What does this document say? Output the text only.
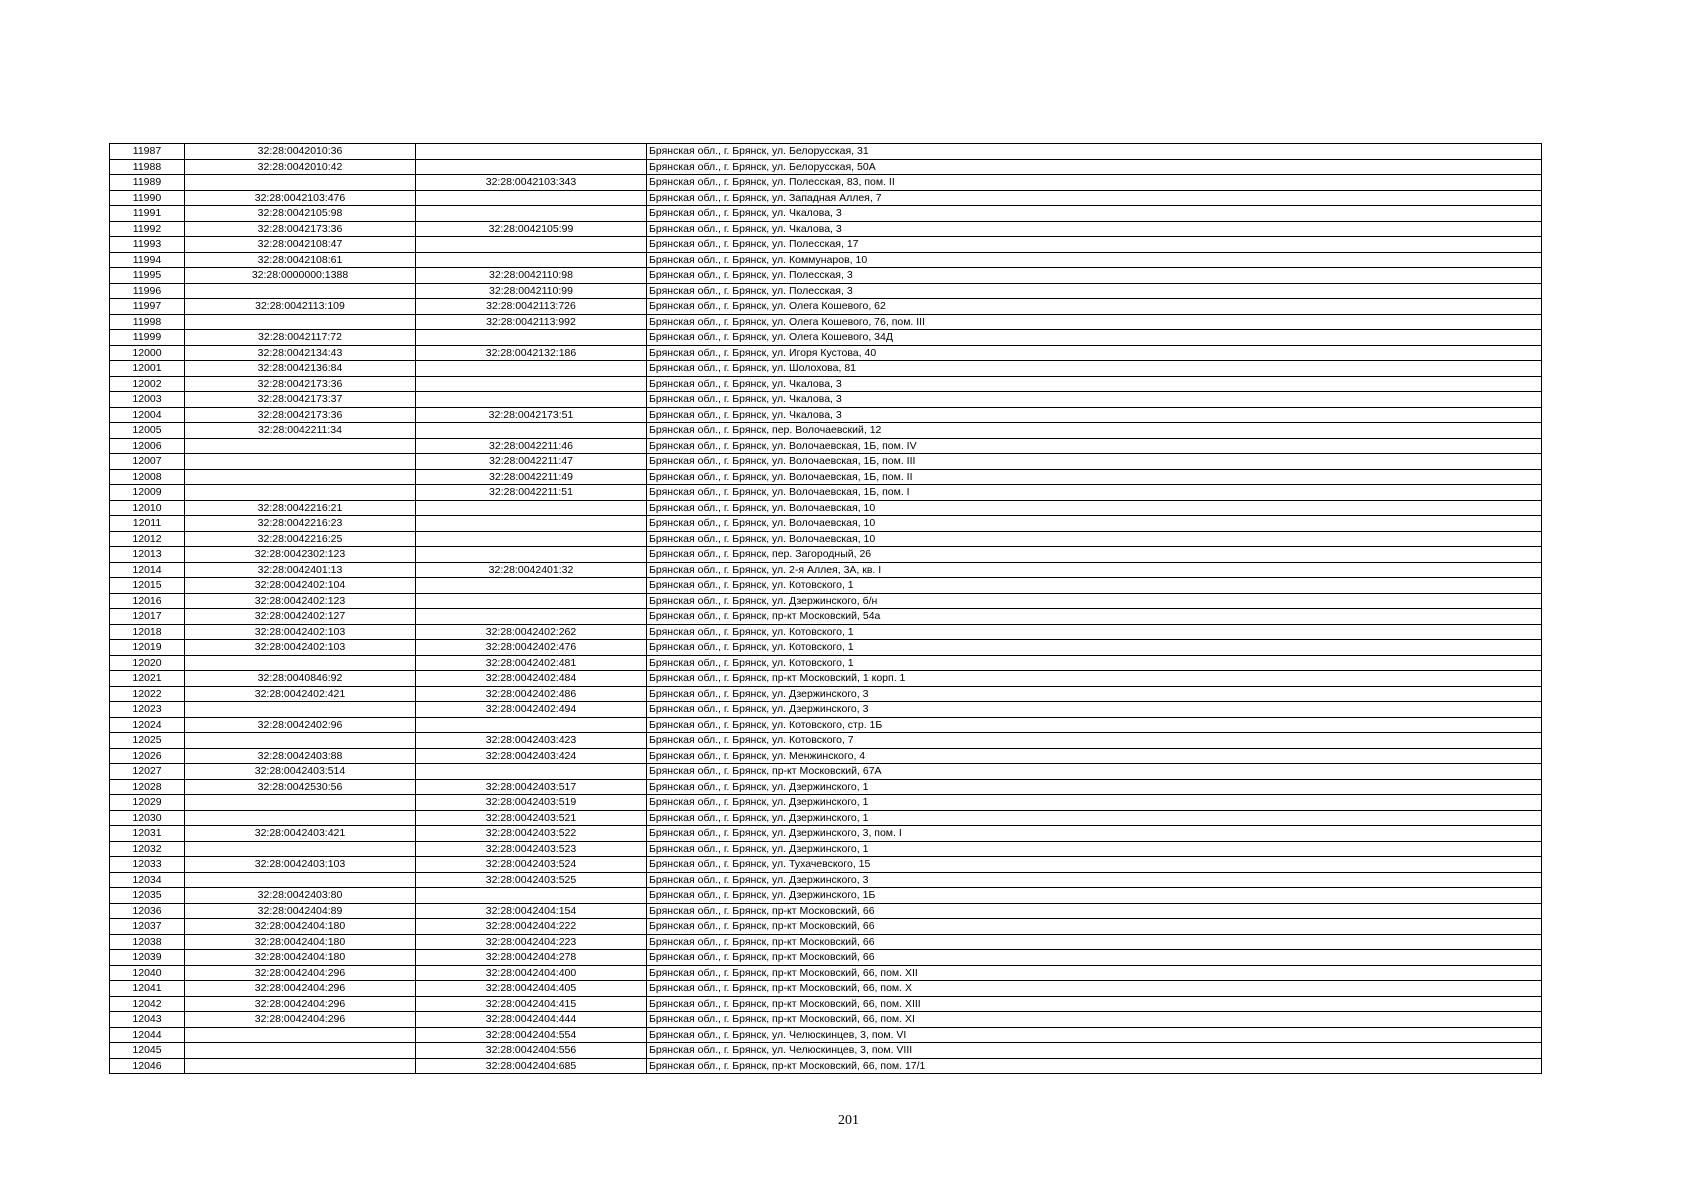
11987	32:28:0042010:36		Брянская обл., г. Брянск, ул. Белорусская, 31
11988	32:28:0042010:42		Брянская обл., г. Брянск, ул. Белорусская, 50А
11989		32:28:0042103:343	Брянская обл., г. Брянск, ул. Полесская, 83, пом. II
11990	32:28:0042103:476		Брянская обл., г. Брянск, ул. Западная Аллея, 7
11991	32:28:0042105:98		Брянская обл., г. Брянск, ул. Чкалова, 3
11992	32:28:0042173:36	32:28:0042105:99	Брянская обл., г. Брянск, ул. Чкалова, 3
11993	32:28:0042108:47		Брянская обл., г. Брянск, ул. Полесская, 17
11994	32:28:0042108:61		Брянская обл., г. Брянск, ул. Коммунаров, 10
11995	32:28:0000000:1388	32:28:0042110:98	Брянская обл., г. Брянск, ул. Полесская, 3
11996		32:28:0042110:99	Брянская обл., г. Брянск, ул. Полесская, 3
11997	32:28:0042113:109	32:28:0042113:726	Брянская обл., г. Брянск, ул. Олега Кошевого, 62
11998		32:28:0042113:992	Брянская обл., г. Брянск, ул. Олега Кошевого, 76, пом. III
11999	32:28:0042117:72		Брянская обл., г. Брянск, ул. Олега Кошевого, 34Д
12000	32:28:0042134:43	32:28:0042132:186	Брянская обл., г. Брянск, ул. Игоря Кустова, 40
12001	32:28:0042136:84		Брянская обл., г. Брянск, ул. Шолохова, 81
12002	32:28:0042173:36		Брянская обл., г. Брянск, ул. Чкалова, 3
12003	32:28:0042173:37		Брянская обл., г. Брянск, ул. Чкалова, 3
12004	32:28:0042173:36	32:28:0042173:51	Брянская обл., г. Брянск, ул. Чкалова, 3
12005	32:28:0042211:34		Брянская обл., г. Брянск, пер. Волочаевский, 12
12006		32:28:0042211:46	Брянская обл., г. Брянск, ул. Волочаевская, 1Б, пом. IV
12007		32:28:0042211:47	Брянская обл., г. Брянск, ул. Волочаевская, 1Б, пом. III
12008		32:28:0042211:49	Брянская обл., г. Брянск, ул. Волочаевская, 1Б, пом. II
12009		32:28:0042211:51	Брянская обл., г. Брянск, ул. Волочаевская, 1Б, пом. I
12010	32:28:0042216:21		Брянская обл., г. Брянск, ул. Волочаевская, 10
12011	32:28:0042216:23		Брянская обл., г. Брянск, ул. Волочаевская, 10
12012	32:28:0042216:25		Брянская обл., г. Брянск, ул. Волочаевская, 10
12013	32:28:0042302:123		Брянская обл., г. Брянск, пер. Загородный, 26
12014	32:28:0042401:13	32:28:0042401:32	Брянская обл., г. Брянск, ул. 2-я Аллея, 3А, кв. I
12015	32:28:0042402:104		Брянская обл., г. Брянск, ул. Котовского, 1
12016	32:28:0042402:123		Брянская обл., г. Брянск, ул. Дзержинского, б/н
12017	32:28:0042402:127		Брянская обл., г. Брянск, пр-кт Московский, 54а
12018	32:28:0042402:103	32:28:0042402:262	Брянская обл., г. Брянск, ул. Котовского, 1
12019	32:28:0042402:103	32:28:0042402:476	Брянская обл., г. Брянск, ул. Котовского, 1
12020		32:28:0042402:481	Брянская обл., г. Брянск, ул. Котовского, 1
12021	32:28:0040846:92	32:28:0042402:484	Брянская обл., г. Брянск, пр-кт Московский, 1 корп. 1
12022	32:28:0042402:421	32:28:0042402:486	Брянская обл., г. Брянск, ул. Дзержинского, 3
12023		32:28:0042402:494	Брянская обл., г. Брянск, ул. Дзержинского, 3
12024	32:28:0042402:96		Брянская обл., г. Брянск, ул. Котовского, стр. 1Б
12025		32:28:0042403:423	Брянская обл., г. Брянск, ул. Котовского, 7
12026	32:28:0042403:88	32:28:0042403:424	Брянская обл., г. Брянск, ул. Менжинского, 4
12027	32:28:0042403:514		Брянская обл., г. Брянск, пр-кт Московский, 67А
12028	32:28:0042530:56	32:28:0042403:517	Брянская обл., г. Брянск, ул. Дзержинского, 1
12029		32:28:0042403:519	Брянская обл., г. Брянск, ул. Дзержинского, 1
12030		32:28:0042403:521	Брянская обл., г. Брянск, ул. Дзержинского, 1
12031	32:28:0042403:421	32:28:0042403:522	Брянская обл., г. Брянск, ул. Дзержинского, 3, пом. I
12032		32:28:0042403:523	Брянская обл., г. Брянск, ул. Дзержинского, 1
12033	32:28:0042403:103	32:28:0042403:524	Брянская обл., г. Брянск, ул. Тухачевского, 15
12034		32:28:0042403:525	Брянская обл., г. Брянск, ул. Дзержинского, 3
12035	32:28:0042403:80		Брянская обл., г. Брянск, ул. Дзержинского, 1Б
12036	32:28:0042404:89	32:28:0042404:154	Брянская обл., г. Брянск, пр-кт Московский, 66
12037	32:28:0042404:180	32:28:0042404:222	Брянская обл., г. Брянск, пр-кт Московский, 66
12038	32:28:0042404:180	32:28:0042404:223	Брянская обл., г. Брянск, пр-кт Московский, 66
12039	32:28:0042404:180	32:28:0042404:278	Брянская обл., г. Брянск, пр-кт Московский, 66
12040	32:28:0042404:296	32:28:0042404:400	Брянская обл., г. Брянск, пр-кт Московский, 66, пом. XII
12041	32:28:0042404:296	32:28:0042404:405	Брянская обл., г. Брянск, пр-кт Московский, 66, пом. X
12042	32:28:0042404:296	32:28:0042404:415	Брянская обл., г. Брянск, пр-кт Московский, 66, пом. XIII
12043	32:28:0042404:296	32:28:0042404:444	Брянская обл., г. Брянск, пр-кт Московский, 66, пом. XI
12044		32:28:0042404:554	Брянская обл., г. Брянск, ул. Челюскинцев, 3, пом. VI
12045		32:28:0042404:556	Брянская обл., г. Брянск, ул. Челюскинцев, 3, пом. VIII
12046		32:28:0042404:685	Брянская обл., г. Брянск, пр-кт Московский, 66, пом. 17/1
201
